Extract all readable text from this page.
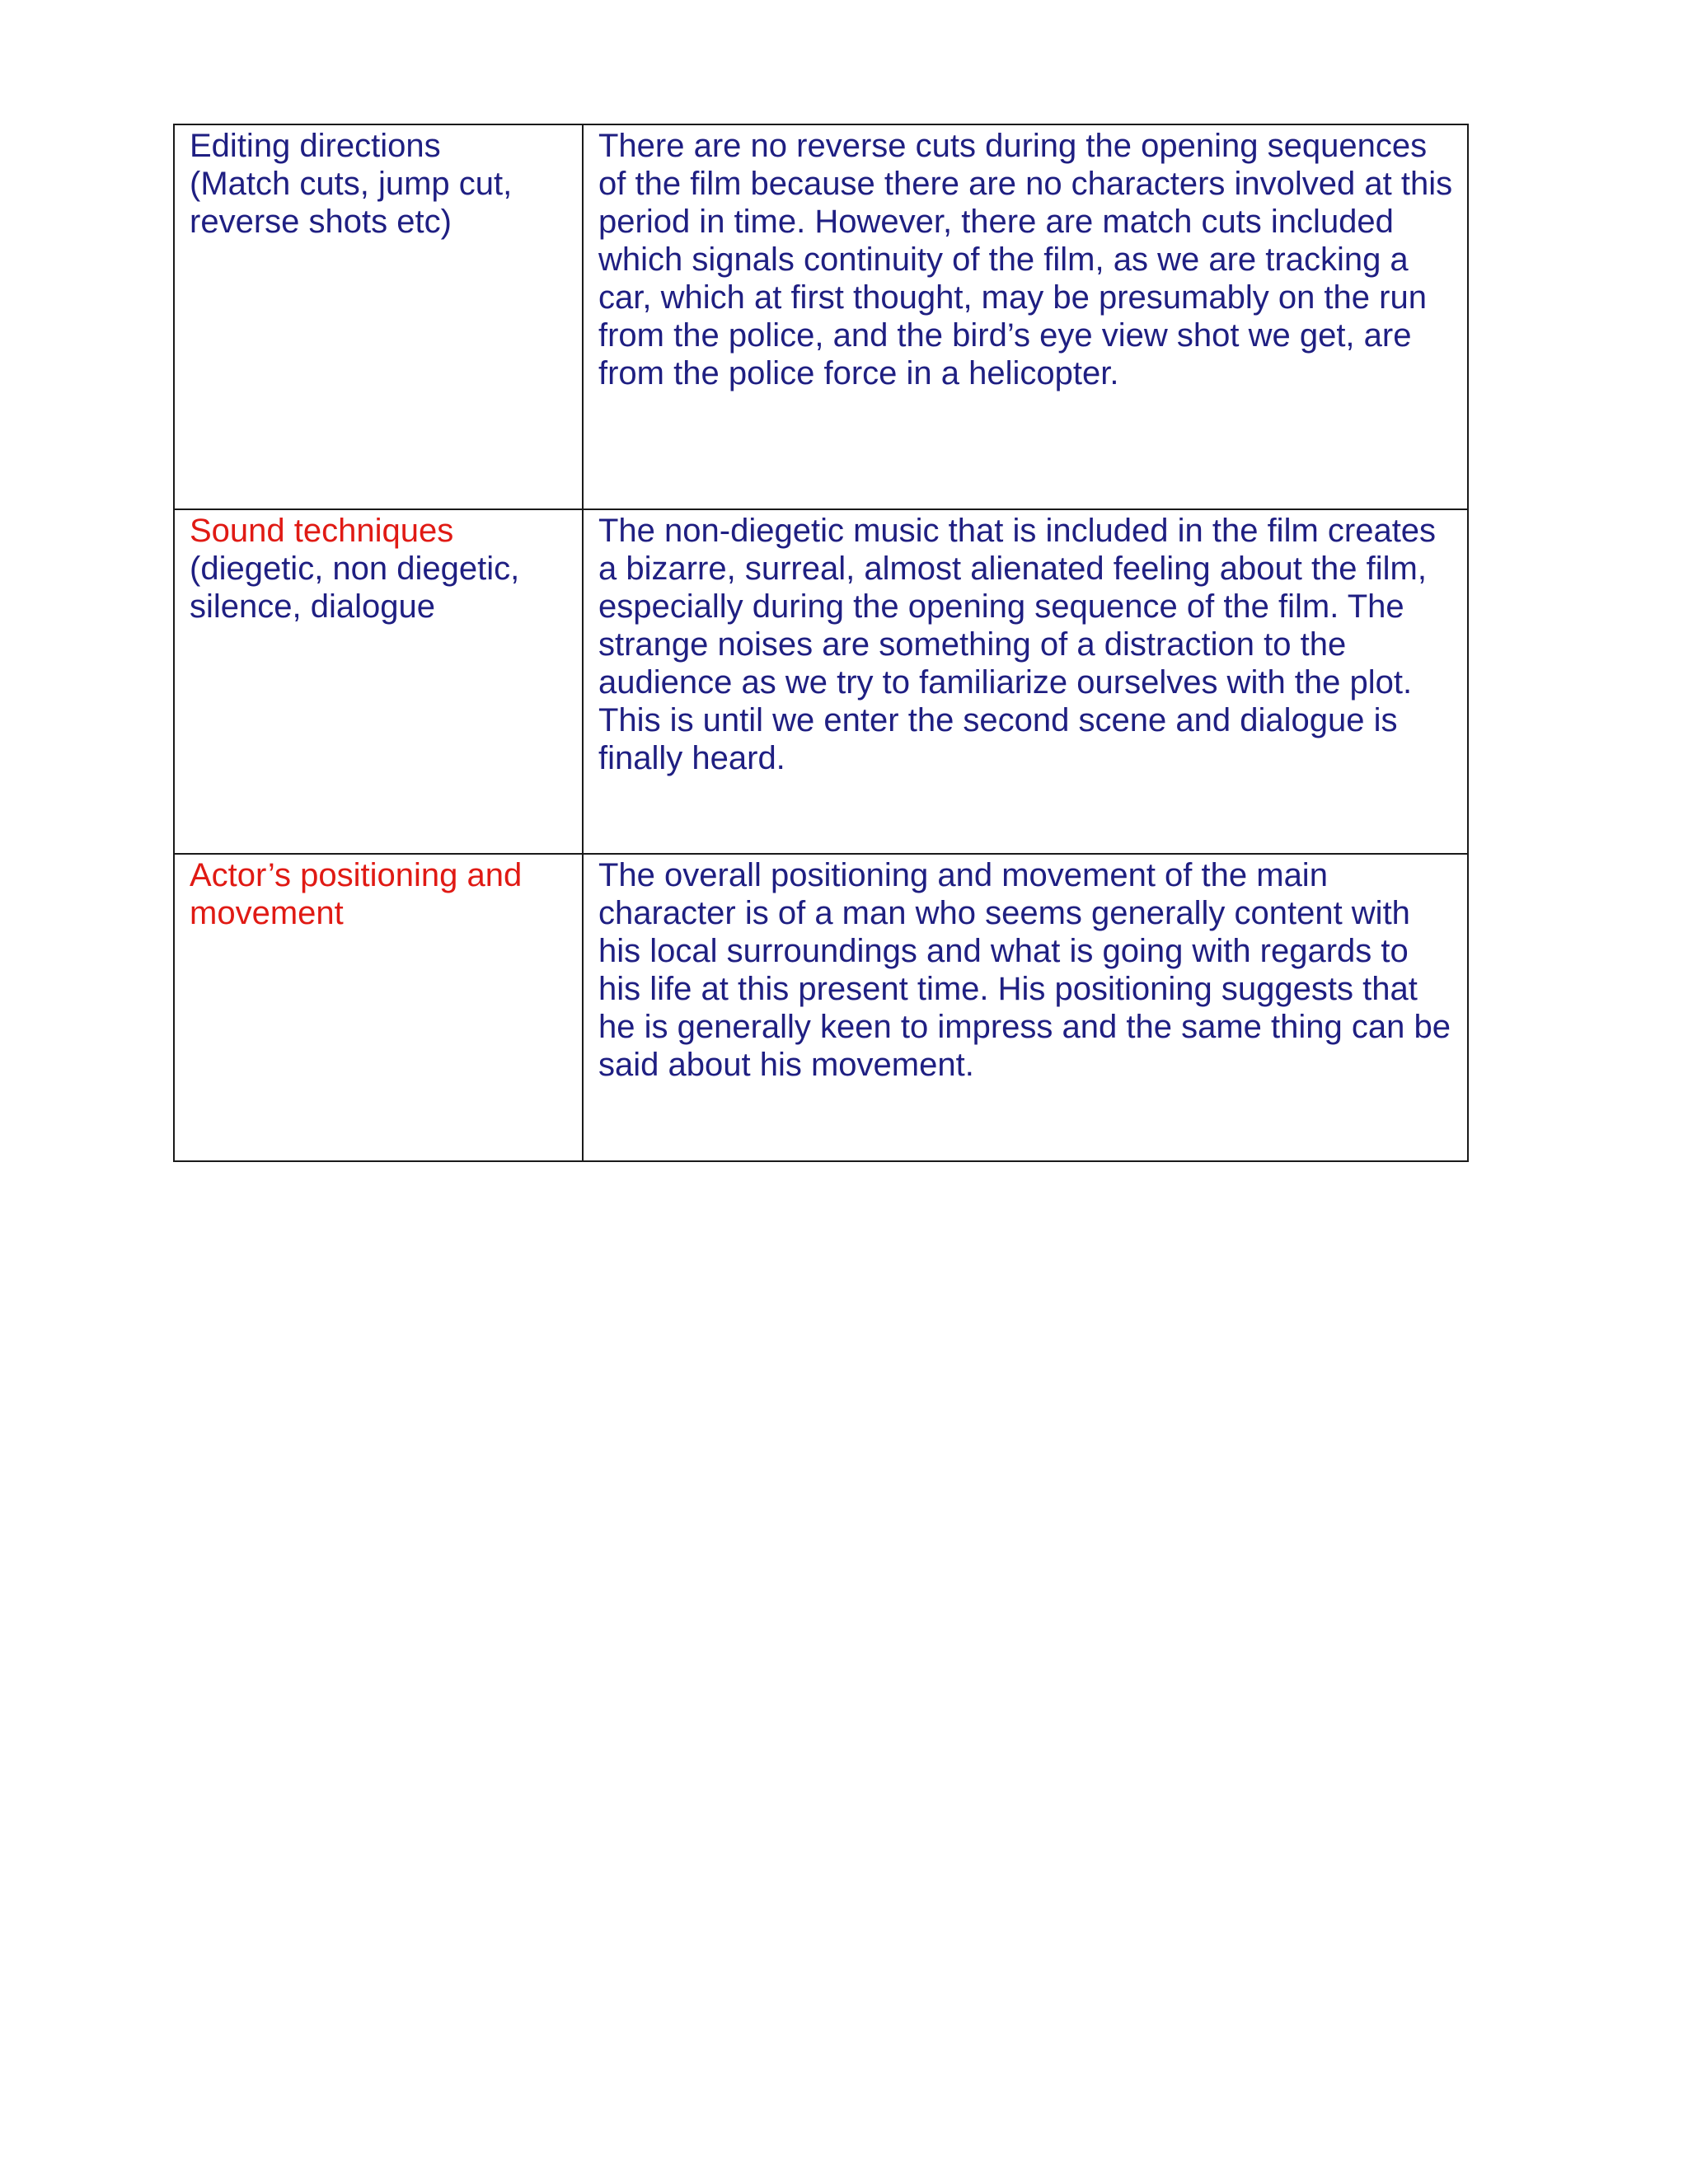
Editing directions
(Match cuts, jump cut, reverse shots etc)	There are no reverse cuts during the opening sequences of the film because there are no characters involved at this period in time. However, there are match cuts included which signals continuity of the film, as we are tracking a car, which at first thought, may be presumably on the run from the police, and the bird’s eye view shot we get, are from the police force in a helicopter.

Sound techniques
(diegetic, non diegetic, silence, dialogue	The non-diegetic music that is included in the film creates a bizarre, surreal, almost alienated feeling about the film, especially during the opening sequence of the film. The strange noises are something of a distraction to the audience as we try to familiarize ourselves with the plot. This is until we enter the second scene and dialogue is finally heard.

Actor’s positioning and movement	The overall positioning and movement of the main character is of a man who seems generally content with his local surroundings and what is going with regards to his life at this present time. His positioning suggests that he is generally keen to impress and the same thing can be said about his movement.
